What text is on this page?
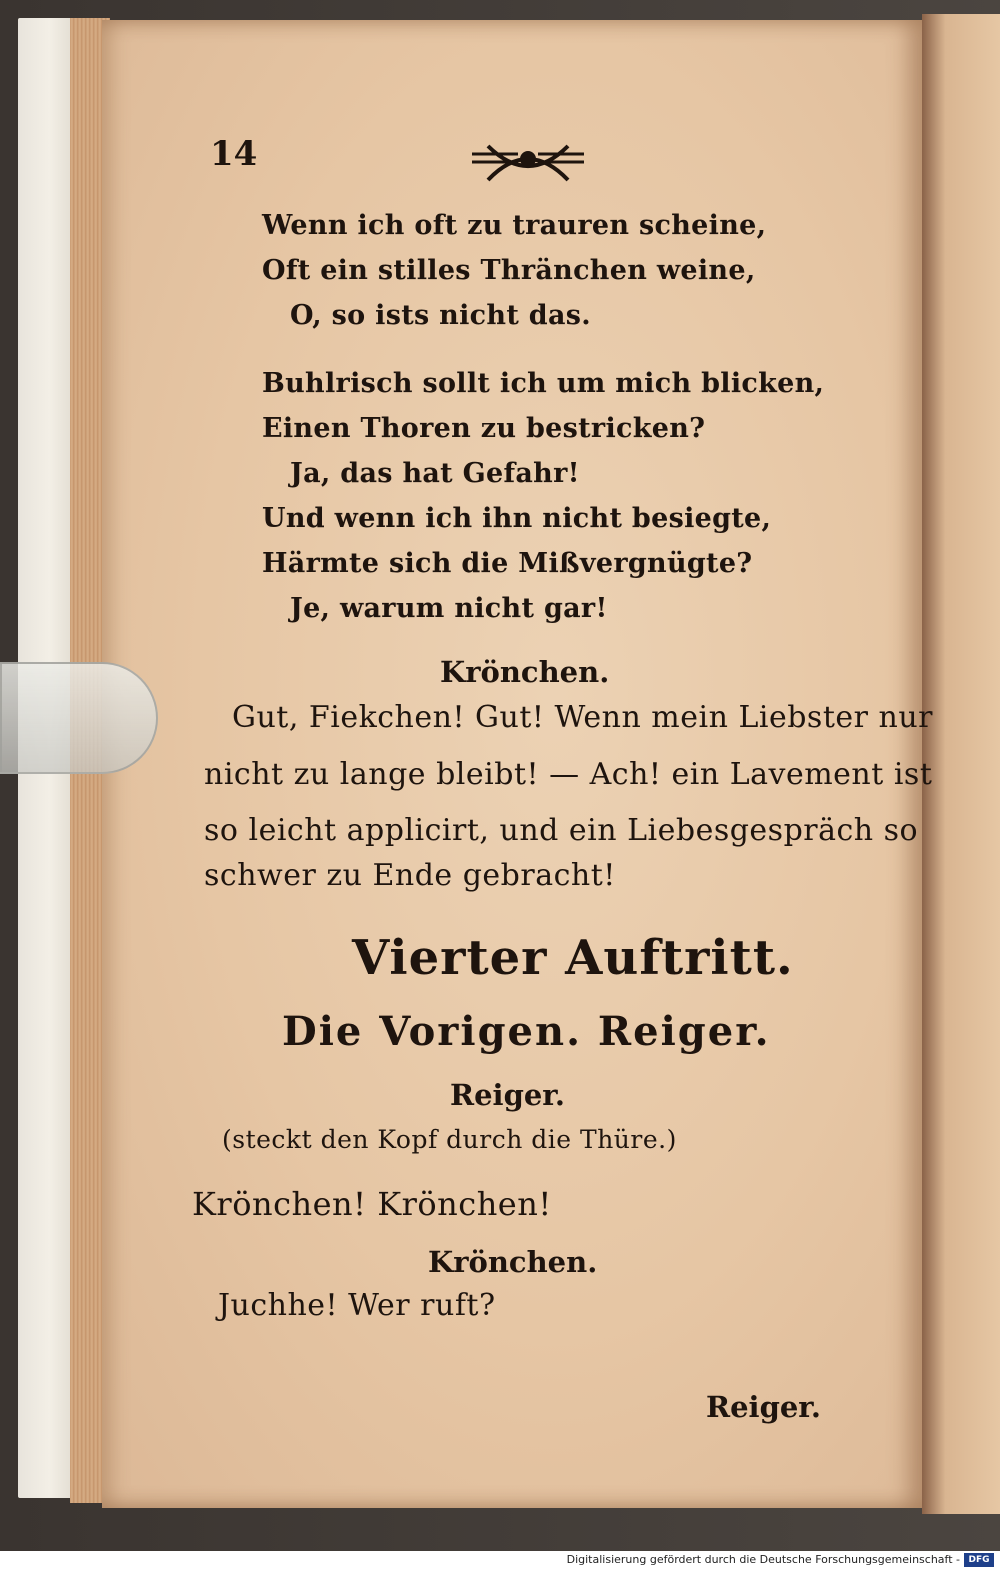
14
Wenn ich oft zu trauren scheine,
Oft ein stilles Thränchen weine,
O, so ists nicht das.
Buhlrisch sollt ich um mich blicken,
Einen Thoren zu bestricken?
Ja, das hat Gefahr!
Und wenn ich ihn nicht besiegte,
Härmte sich die Mißvergnügte?
Je, warum nicht gar!
Krönchen.
Gut, Fiekchen! Gut! Wenn mein Liebster nur
nicht zu lange bleibt! — Ach! ein Lavement ist
so leicht applicirt, und ein Liebesgespräch so
schwer zu Ende gebracht!
Vierter Auftritt.
Die Vorigen. Reiger.
Reiger.
(steckt den Kopf durch die Thüre.)
Krönchen! Krönchen!
Krönchen.
Juchhe! Wer ruft?
Reiger.
Digitalisierung gefördert durch die Deutsche Forschungsgemeinschaft - DFG
